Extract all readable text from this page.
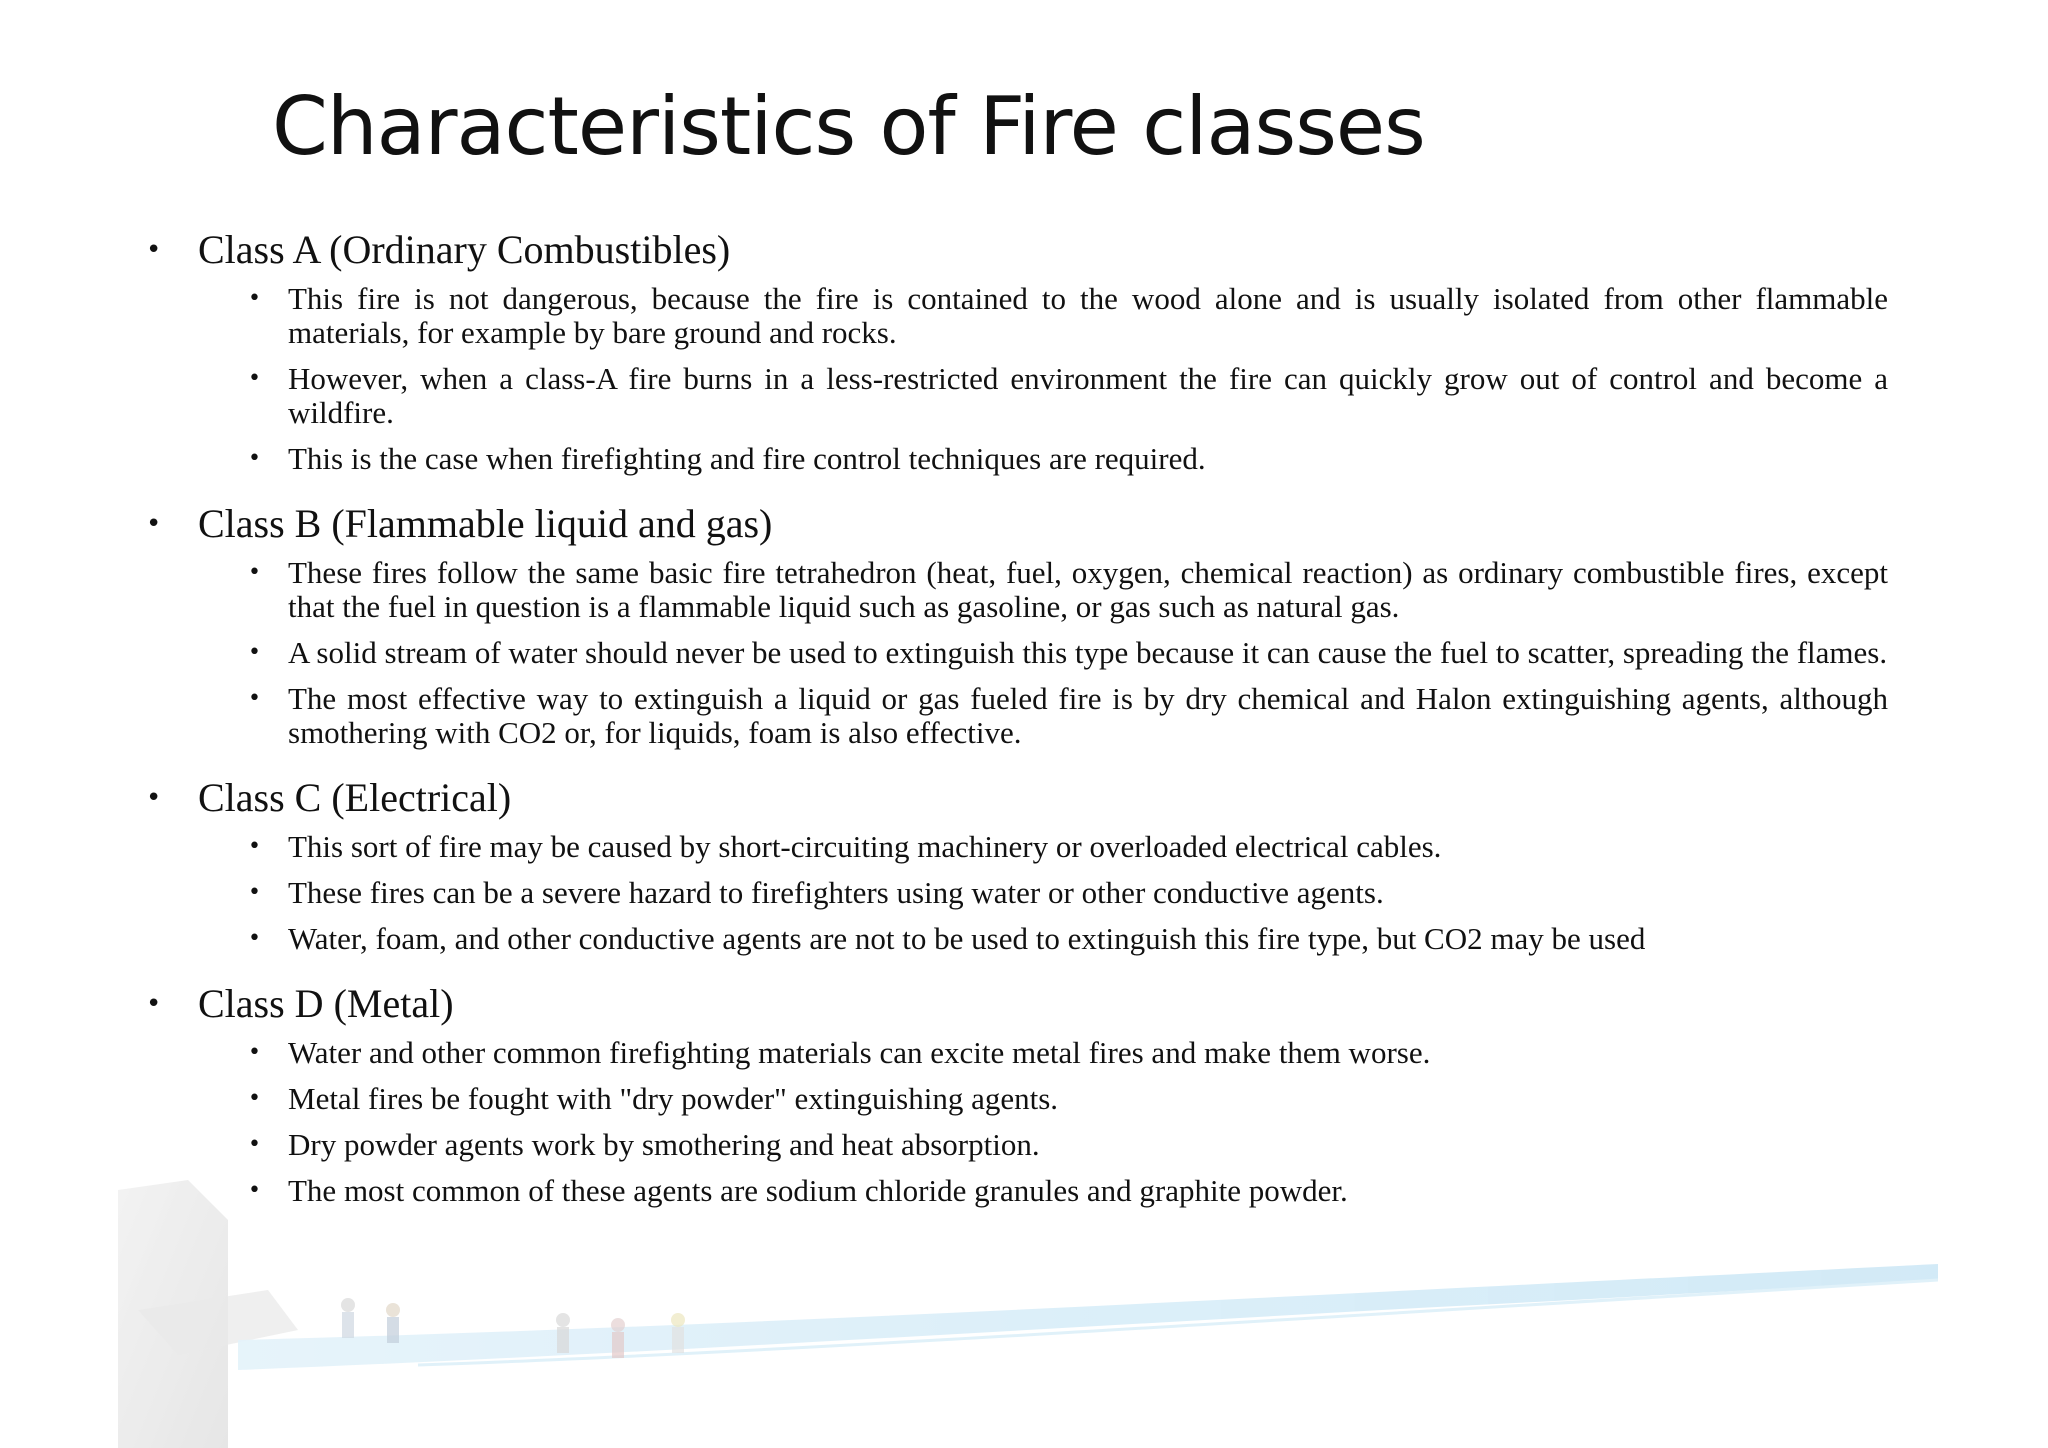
Characteristics of Fire classes
• Class A (Ordinary Combustibles)
• This fire is not dangerous, because the fire is contained to the wood alone and is usually isolated from other flammable materials, for example by bare ground and rocks.
• However, when a class-A fire burns in a less-restricted environment the fire can quickly grow out of control and become a wildfire.
• This is the case when firefighting and fire control techniques are required.
• Class B (Flammable liquid and gas)
• These fires follow the same basic fire tetrahedron (heat, fuel, oxygen, chemical reaction) as ordinary combustible fires, except that the fuel in question is a flammable liquid such as gasoline, or gas such as natural gas.
• A solid stream of water should never be used to extinguish this type because it can cause the fuel to scatter, spreading the flames.
• The most effective way to extinguish a liquid or gas fueled fire is by dry chemical and Halon extinguishing agents, although smothering with CO2 or, for liquids, foam is also effective.
• Class C (Electrical)
• This sort of fire may be caused by short-circuiting machinery or overloaded electrical cables.
• These fires can be a severe hazard to firefighters using water or other conductive agents.
• Water, foam, and other conductive agents are not to be used to extinguish this fire type, but CO2 may be used
• Class D (Metal)
• Water and other common firefighting materials can excite metal fires and make them worse.
• Metal fires be fought with "dry powder" extinguishing agents.
• Dry powder agents work by smothering and heat absorption.
• The most common of these agents are sodium chloride granules and graphite powder.
